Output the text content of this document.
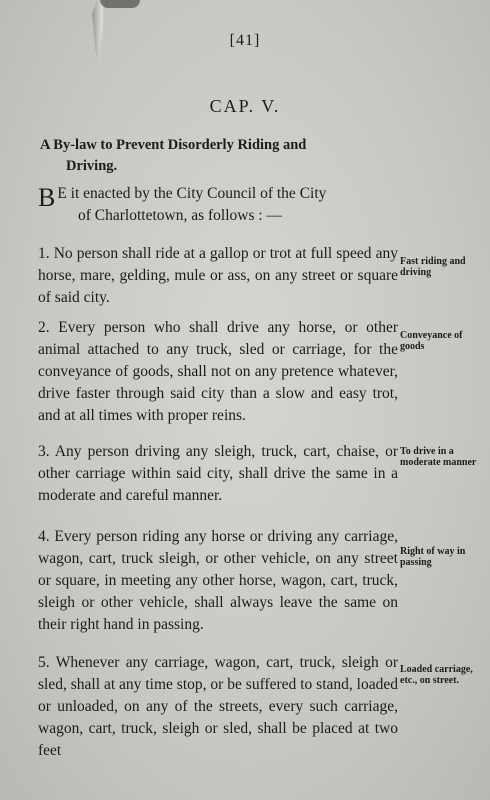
[41]
CAP. V.
A By-law to Prevent Disorderly Riding and
Driving.
B E it enacted by the City Council of the City
of Charlottetown, as follows : —
1. No person shall ride at a gallop or trot at full speed any horse, mare, gelding, mule or ass, on any street or square of said city.
Fast riding and driving
2. Every person who shall drive any horse, or other animal attached to any truck, sled or carriage, for the conveyance of goods, shall not on any pretence whatever, drive faster through said city than a slow and easy trot, and at all times with proper reins.
Conveyance of goods
3. Any person driving any sleigh, truck, cart, chaise, or other carriage within said city, shall drive the same in a moderate and careful manner.
To drive in a moderate manner
4. Every person riding any horse or driving any carriage, wagon, cart, truck sleigh, or other vehicle, on any street or square, in meeting any other horse, wagon, cart, truck, sleigh or other vehicle, shall always leave the same on their right hand in passing.
Right of way in passing
5. Whenever any carriage, wagon, cart, truck, sleigh or sled, shall at any time stop, or be suffered to stand, loaded or unloaded, on any of the streets, every such carriage, wagon, cart, truck, sleigh or sled, shall be placed at two feet
Loaded carriage, etc., on street.
